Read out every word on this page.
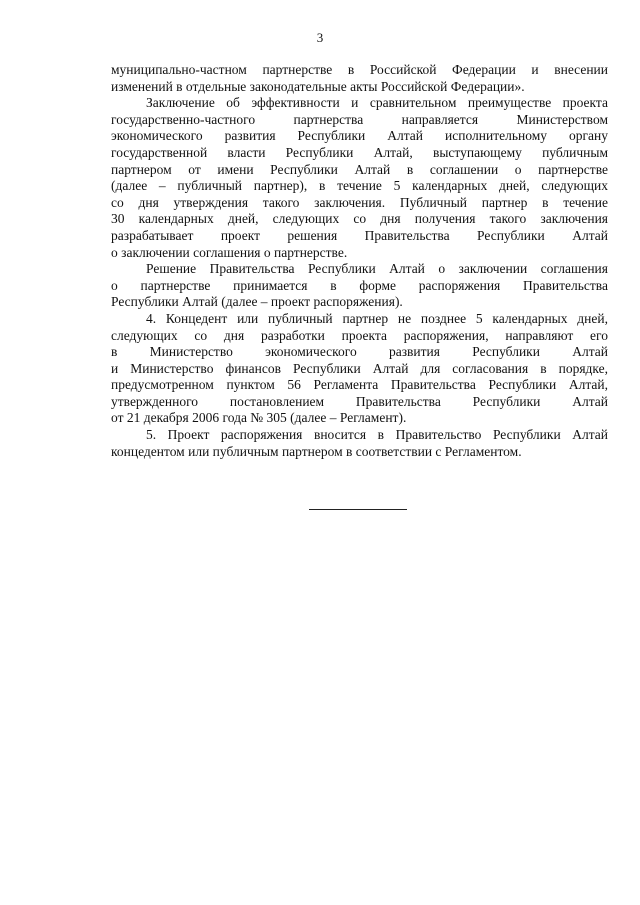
3
муниципально-частном партнерстве в Российской Федерации и внесении
изменений в отдельные законодательные акты Российской Федерации».
Заключение об эффективности и сравнительном преимуществе проекта
государственно-частного партнерства направляется Министерством
экономического развития Республики Алтай исполнительному органу
государственной власти Республики Алтай, выступающему публичным
партнером от имени Республики Алтай в соглашении о партнерстве
(далее – публичный партнер), в течение 5 календарных дней, следующих
со дня утверждения такого заключения. Публичный партнер в течение
30 календарных дней, следующих со дня получения такого заключения
разрабатывает проект решения Правительства Республики Алтай
о заключении соглашения о партнерстве.
Решение Правительства Республики Алтай о заключении соглашения
о партнерстве принимается в форме распоряжения Правительства
Республики Алтай (далее – проект распоряжения).
4. Концедент или публичный партнер не позднее 5 календарных дней,
следующих со дня разработки проекта распоряжения, направляют его
в Министерство экономического развития Республики Алтай
и Министерство финансов Республики Алтай для согласования в порядке,
предусмотренном пунктом 56 Регламента Правительства Республики Алтай,
утвержденного постановлением Правительства Республики Алтай
от 21 декабря 2006 года № 305 (далее – Регламент).
5. Проект распоряжения вносится в Правительство Республики Алтай
концедентом или публичным партнером в соответствии с Регламентом.
